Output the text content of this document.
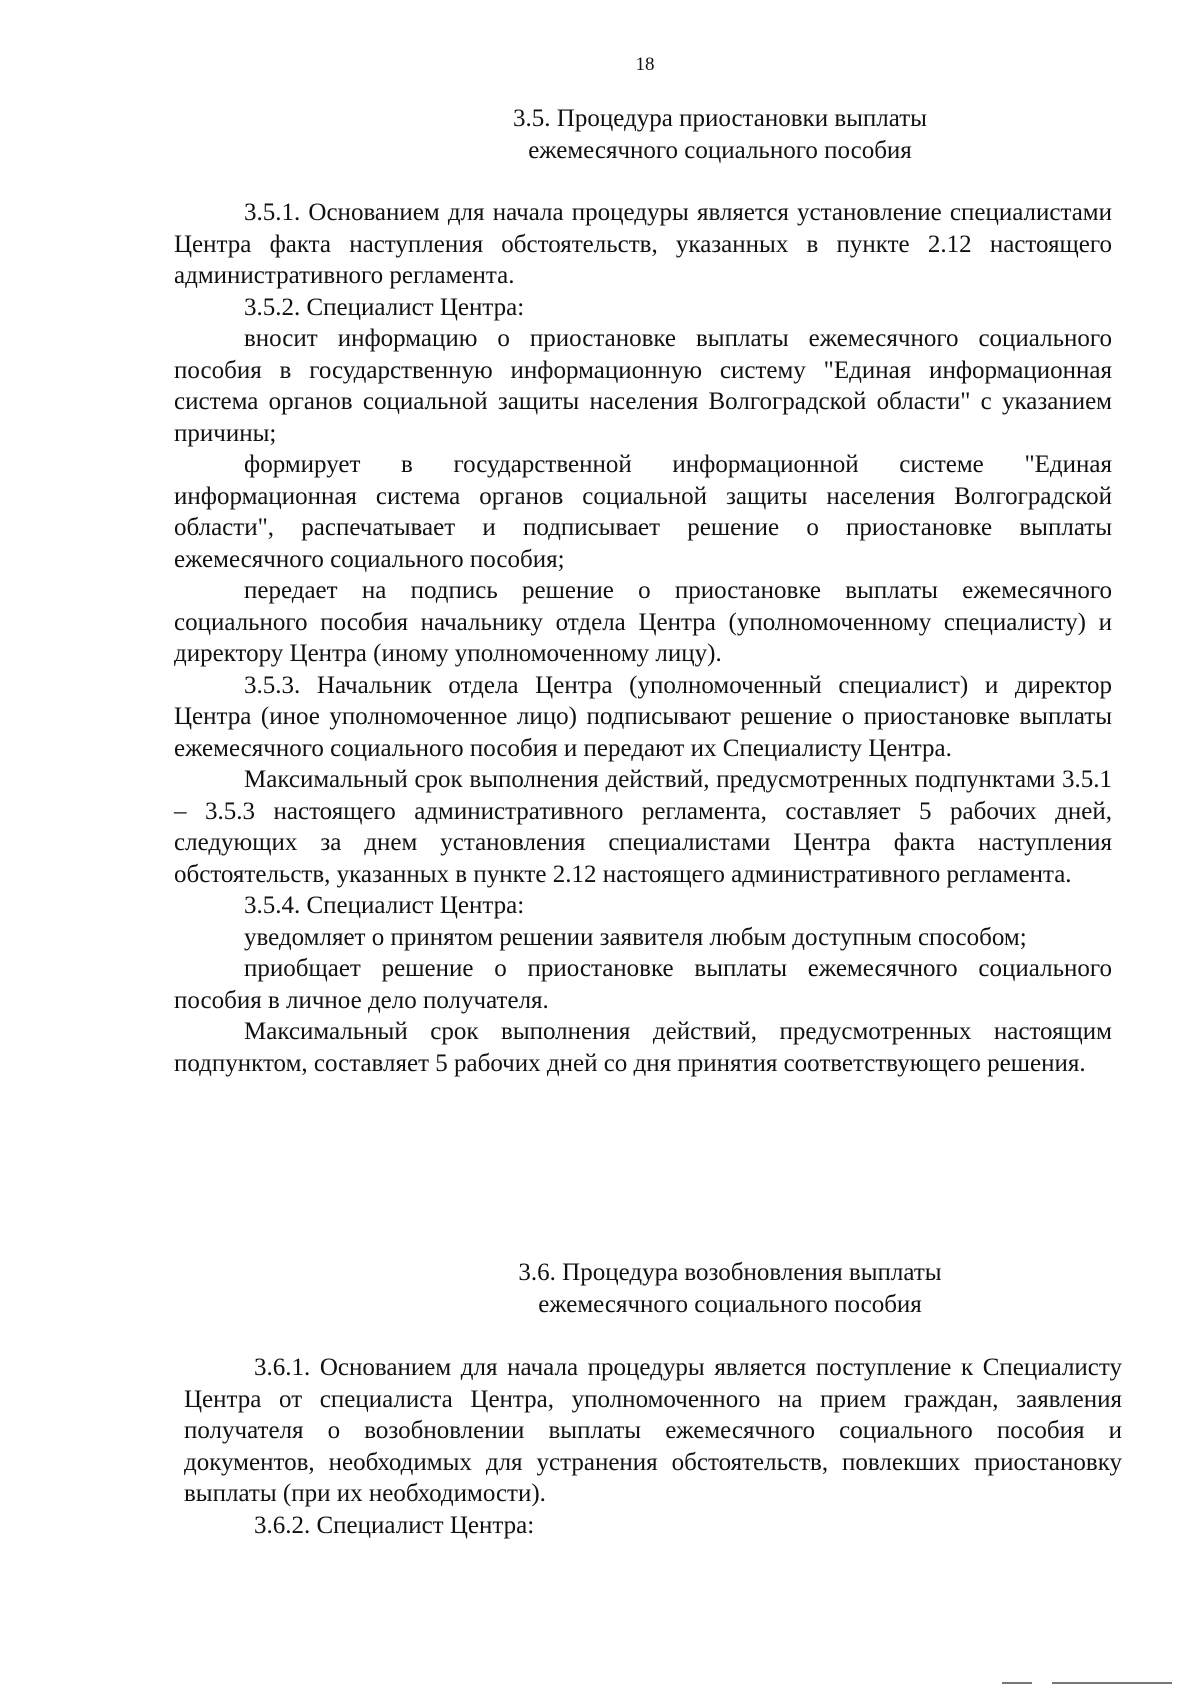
18
3.5. Процедура приостановки выплаты
ежемесячного социального пособия

3.5.1. Основанием для начала процедуры является установление специалистами Центра факта наступления обстоятельств, указанных в пункте 2.12 настоящего административного регламента.

3.5.2. Специалист Центра:

вносит информацию о приостановке выплаты ежемесячного социального пособия в государственную информационную систему "Единая информационная система органов социальной защиты населения Волгоградской области" с указанием причины;

формирует в государственной информационной системе "Единая информационная система органов социальной защиты населения Волгоградской области", распечатывает и подписывает решение о приостановке выплаты ежемесячного социального пособия;

передает на подпись решение о приостановке выплаты ежемесячного социального пособия начальнику отдела Центра (уполномоченному специалисту) и директору Центра (иному уполномоченному лицу).

3.5.3. Начальник отдела Центра (уполномоченный специалист) и директор Центра (иное уполномоченное лицо) подписывают решение о приостановке выплаты ежемесячного социального пособия и передают их Специалисту Центра.

Максимальный срок выполнения действий, предусмотренных подпунктами 3.5.1 – 3.5.3 настоящего административного регламента, составляет 5 рабочих дней, следующих за днем установления специалистами Центра факта наступления обстоятельств, указанных в пункте 2.12 настоящего административного регламента.

3.5.4. Специалист Центра:

уведомляет о принятом решении заявителя любым доступным способом;

приобщает решение о приостановке выплаты ежемесячного социального пособия в личное дело получателя.

Максимальный срок выполнения действий, предусмотренных настоящим подпунктом, составляет 5 рабочих дней со дня принятия соответствующего решения.

3.6. Процедура возобновления выплаты
ежемесячного социального пособия

3.6.1. Основанием для начала процедуры является поступление к Специалисту Центра от специалиста Центра, уполномоченного на прием граждан, заявления получателя о возобновлении выплаты ежемесячного социального пособия и документов, необходимых для устранения обстоятельств, повлекших приостановку выплаты (при их необходимости).

3.6.2. Специалист Центра:
